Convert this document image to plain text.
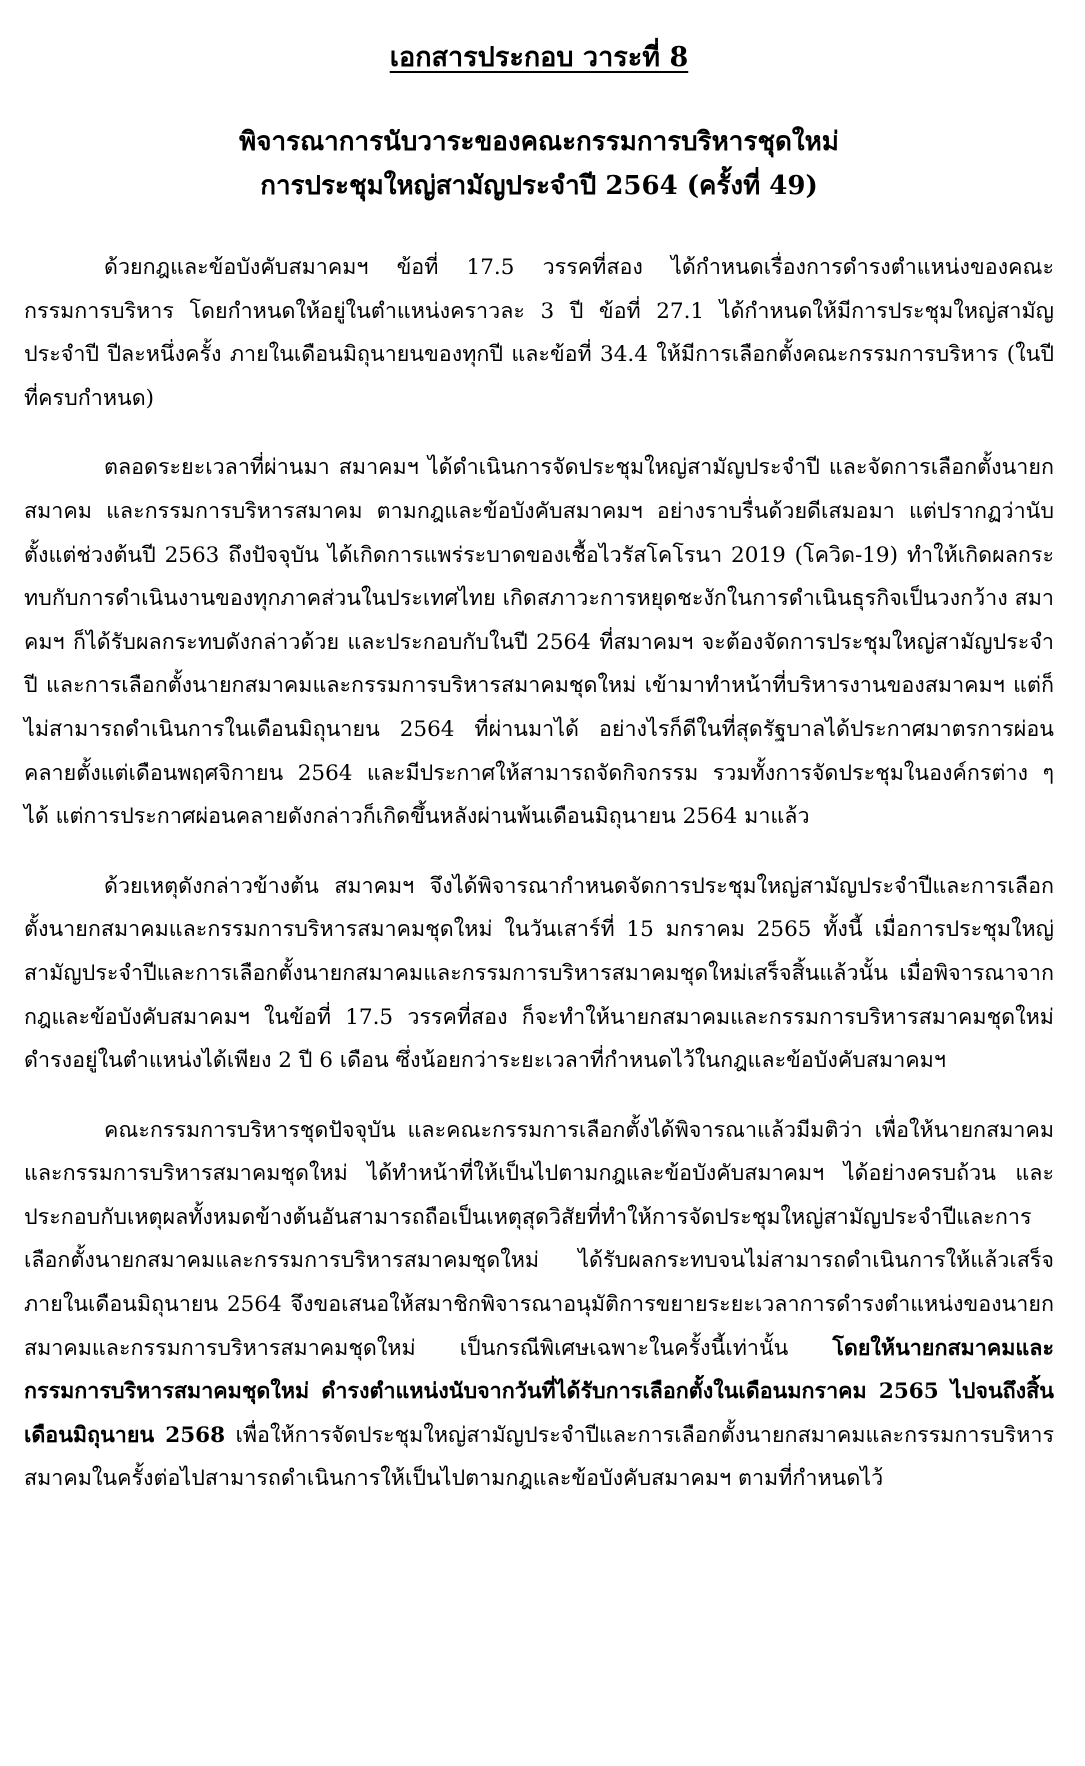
เอกสารประกอบ วาระที่ 8
พิจารณาการนับวาระของคณะกรรมการบริหารชุดใหม่
การประชุมใหญ่สามัญประจำปี 2564 (ครั้งที่ 49)

ด้วยกฎและข้อบังคับสมาคมฯ ข้อที่ 17.5 วรรคที่สอง ได้กำหนดเรื่องการดำรงตำแหน่งของคณะกรรมการบริหาร โดยกำหนดให้อยู่ในตำแหน่งคราวละ 3 ปี ข้อที่ 27.1 ได้กำหนดให้มีการประชุมใหญ่สามัญประจำปี ปีละหนึ่งครั้ง ภายในเดือนมิถุนายนของทุกปี และข้อที่ 34.4 ให้มีการเลือกตั้งคณะกรรมการบริหาร (ในปีที่ครบกำหนด)

ตลอดระยะเวลาที่ผ่านมา สมาคมฯ ได้ดำเนินการจัดประชุมใหญ่สามัญประจำปี และจัดการเลือกตั้งนายกสมาคม และกรรมการบริหารสมาคม ตามกฎและข้อบังคับสมาคมฯ อย่างราบรื่นด้วยดีเสมอมา แต่ปรากฏว่านับตั้งแต่ช่วงต้นปี 2563 ถึงปัจจุบัน ได้เกิดการแพร่ระบาดของเชื้อไวรัสโคโรนา 2019 (โควิด-19) ทำให้เกิดผลกระทบกับการดำเนินงานของทุกภาคส่วนในประเทศไทย เกิดสภาวะการหยุดชะงักในการดำเนินธุรกิจเป็นวงกว้าง สมาคมฯ ก็ได้รับผลกระทบดังกล่าวด้วย และประกอบกับในปี 2564 ที่สมาคมฯ จะต้องจัดการประชุมใหญ่สามัญประจำปี และการเลือกตั้งนายกสมาคมและกรรมการบริหารสมาคมชุดใหม่ เข้ามาทำหน้าที่บริหารงานของสมาคมฯ แต่ก็ไม่สามารถดำเนินการในเดือนมิถุนายน 2564 ที่ผ่านมาได้ อย่างไรก็ดีในที่สุดรัฐบาลได้ประกาศมาตรการผ่อนคลายตั้งแต่เดือนพฤศจิกายน 2564 และมีประกาศให้สามารถจัดกิจกรรม รวมทั้งการจัดประชุมในองค์กรต่าง ๆ ได้ แต่การประกาศผ่อนคลายดังกล่าวก็เกิดขึ้นหลังผ่านพ้นเดือนมิถุนายน 2564 มาแล้ว

ด้วยเหตุดังกล่าวข้างต้น สมาคมฯ จึงได้พิจารณากำหนดจัดการประชุมใหญ่สามัญประจำปีและการเลือกตั้งนายกสมาคมและกรรมการบริหารสมาคมชุดใหม่ ในวันเสาร์ที่ 15 มกราคม 2565 ทั้งนี้ เมื่อการประชุมใหญ่สามัญประจำปีและการเลือกตั้งนายกสมาคมและกรรมการบริหารสมาคมชุดใหม่เสร็จสิ้นแล้วนั้น เมื่อพิจารณาจากกฎและข้อบังคับสมาคมฯ ในข้อที่ 17.5 วรรคที่สอง ก็จะทำให้นายกสมาคมและกรรมการบริหารสมาคมชุดใหม่ดำรงอยู่ในตำแหน่งได้เพียง 2 ปี 6 เดือน ซึ่งน้อยกว่าระยะเวลาที่กำหนดไว้ในกฎและข้อบังคับสมาคมฯ

คณะกรรมการบริหารชุดปัจจุบัน และคณะกรรมการเลือกตั้งได้พิจารณาแล้วมีมติว่า เพื่อให้นายกสมาคมและกรรมการบริหารสมาคมชุดใหม่ ได้ทำหน้าที่ให้เป็นไปตามกฎและข้อบังคับสมาคมฯ ได้อย่างครบถ้วน และประกอบกับเหตุผลทั้งหมดข้างต้นอันสามารถถือเป็นเหตุสุดวิสัยที่ทำให้การจัดประชุมใหญ่สามัญประจำปีและการเลือกตั้งนายกสมาคมและกรรมการบริหารสมาคมชุดใหม่ ได้รับผลกระทบจนไม่สามารถดำเนินการให้แล้วเสร็จภายในเดือนมิถุนายน 2564 จึงขอเสนอให้สมาชิกพิจารณาอนุมัติการขยายระยะเวลาการดำรงตำแหน่งของนายกสมาคมและกรรมการบริหารสมาคมชุดใหม่ เป็นกรณีพิเศษเฉพาะในครั้งนี้เท่านั้น โดยให้นายกสมาคมและกรรมการบริหารสมาคมชุดใหม่ ดำรงตำแหน่งนับจากวันที่ได้รับการเลือกตั้งในเดือนมกราคม 2565 ไปจนถึงสิ้นเดือนมิถุนายน 2568 เพื่อให้การจัดประชุมใหญ่สามัญประจำปีและการเลือกตั้งนายกสมาคมและกรรมการบริหารสมาคมในครั้งต่อไปสามารถดำเนินการให้เป็นไปตามกฎและข้อบังคับสมาคมฯ ตามที่กำหนดไว้
